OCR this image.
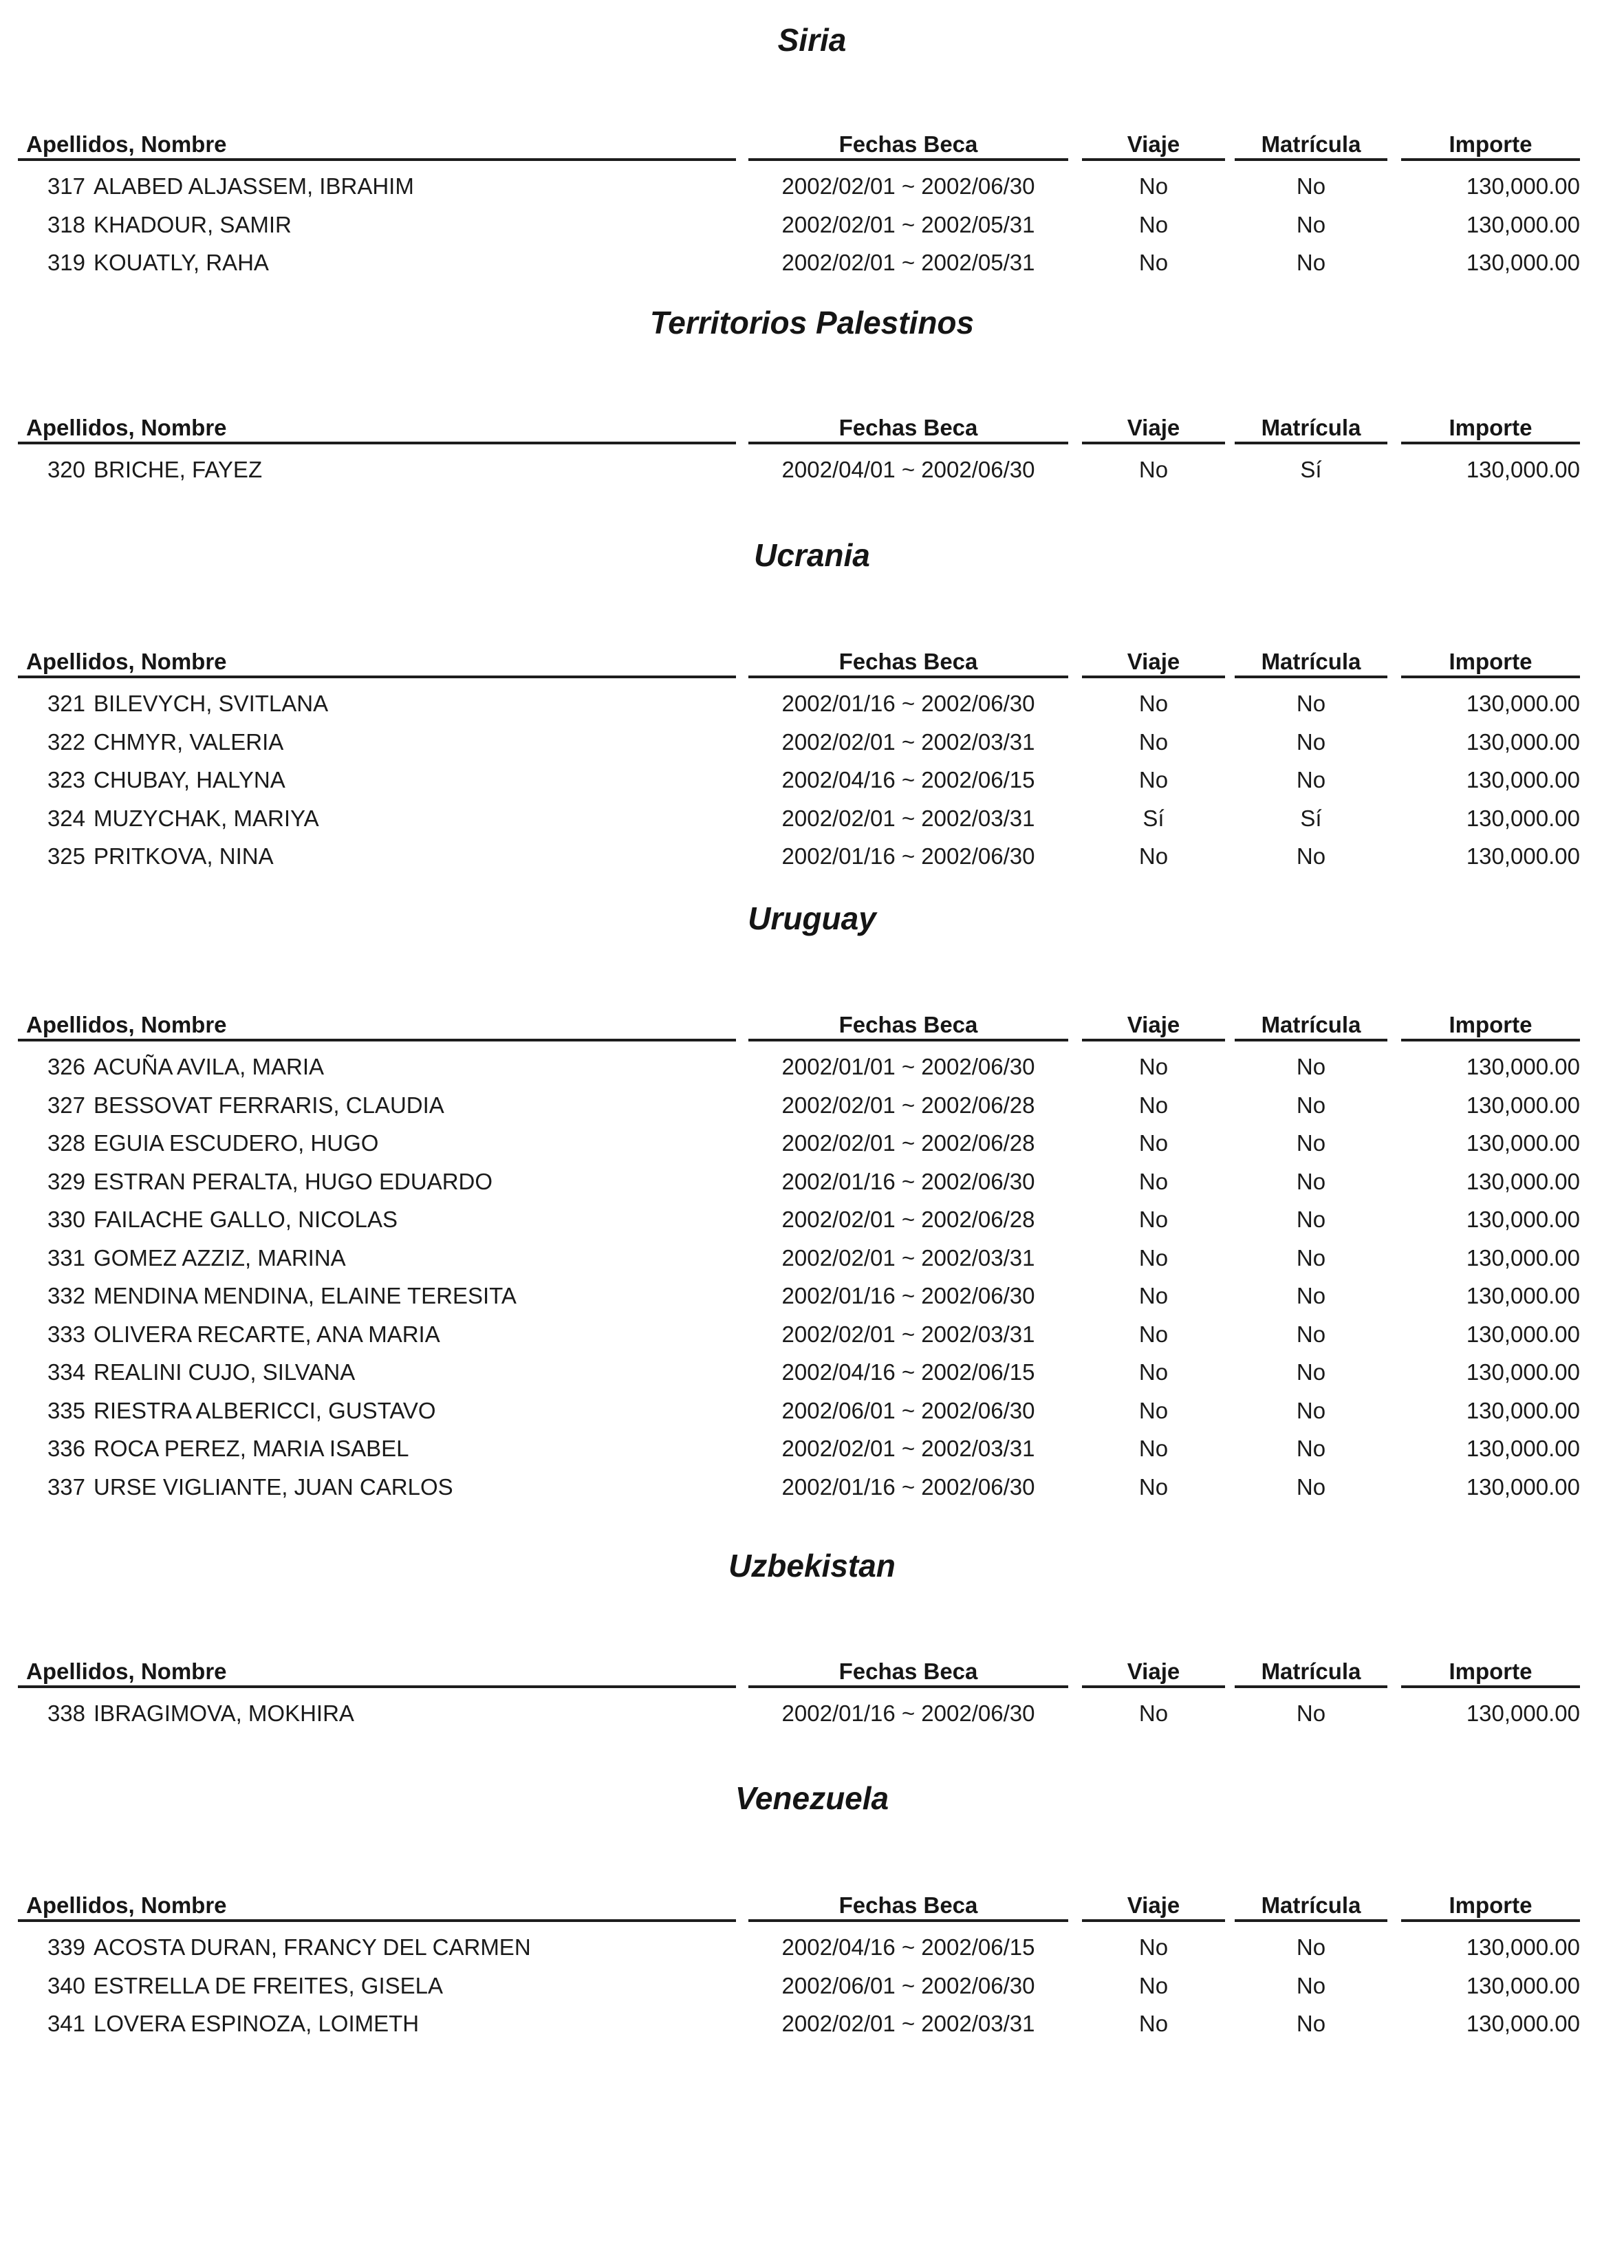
Siria
Apellidos, Nombre	Fechas Beca	Viaje	Matrícula	Importe
317 ALABED ALJASSEM, IBRAHIM	2002/02/01 ~ 2002/06/30	No	No	130,000.00
318 KHADOUR, SAMIR	2002/02/01 ~ 2002/05/31	No	No	130,000.00
319 KOUATLY, RAHA	2002/02/01 ~ 2002/05/31	No	No	130,000.00
Territorios Palestinos
Apellidos, Nombre	Fechas Beca	Viaje	Matrícula	Importe
320 BRICHE, FAYEZ	2002/04/01 ~ 2002/06/30	No	Sí	130,000.00
Ucrania
Apellidos, Nombre	Fechas Beca	Viaje	Matrícula	Importe
321 BILEVYCH, SVITLANA	2002/01/16 ~ 2002/06/30	No	No	130,000.00
322 CHMYR, VALERIA	2002/02/01 ~ 2002/03/31	No	No	130,000.00
323 CHUBAY, HALYNA	2002/04/16 ~ 2002/06/15	No	No	130,000.00
324 MUZYCHAK, MARIYA	2002/02/01 ~ 2002/03/31	Sí	Sí	130,000.00
325 PRITKOVA, NINA	2002/01/16 ~ 2002/06/30	No	No	130,000.00
Uruguay
Apellidos, Nombre	Fechas Beca	Viaje	Matrícula	Importe
326 ACUÑA AVILA, MARIA	2002/01/01 ~ 2002/06/30	No	No	130,000.00
327 BESSOVAT FERRARIS, CLAUDIA	2002/02/01 ~ 2002/06/28	No	No	130,000.00
328 EGUIA ESCUDERO, HUGO	2002/02/01 ~ 2002/06/28	No	No	130,000.00
329 ESTRAN PERALTA, HUGO EDUARDO	2002/01/16 ~ 2002/06/30	No	No	130,000.00
330 FAILACHE GALLO, NICOLAS	2002/02/01 ~ 2002/06/28	No	No	130,000.00
331 GOMEZ AZZIZ, MARINA	2002/02/01 ~ 2002/03/31	No	No	130,000.00
332 MENDINA MENDINA, ELAINE TERESITA	2002/01/16 ~ 2002/06/30	No	No	130,000.00
333 OLIVERA RECARTE, ANA MARIA	2002/02/01 ~ 2002/03/31	No	No	130,000.00
334 REALINI CUJO, SILVANA	2002/04/16 ~ 2002/06/15	No	No	130,000.00
335 RIESTRA ALBERICCI, GUSTAVO	2002/06/01 ~ 2002/06/30	No	No	130,000.00
336 ROCA PEREZ, MARIA ISABEL	2002/02/01 ~ 2002/03/31	No	No	130,000.00
337 URSE VIGLIANTE, JUAN CARLOS	2002/01/16 ~ 2002/06/30	No	No	130,000.00
Uzbekistan
Apellidos, Nombre	Fechas Beca	Viaje	Matrícula	Importe
338 IBRAGIMOVA, MOKHIRA	2002/01/16 ~ 2002/06/30	No	No	130,000.00
Venezuela
Apellidos, Nombre	Fechas Beca	Viaje	Matrícula	Importe
339 ACOSTA DURAN, FRANCY DEL CARMEN	2002/04/16 ~ 2002/06/15	No	No	130,000.00
340 ESTRELLA DE FREITES, GISELA	2002/06/01 ~ 2002/06/30	No	No	130,000.00
341 LOVERA ESPINOZA, LOIMETH	2002/02/01 ~ 2002/03/31	No	No	130,000.00
